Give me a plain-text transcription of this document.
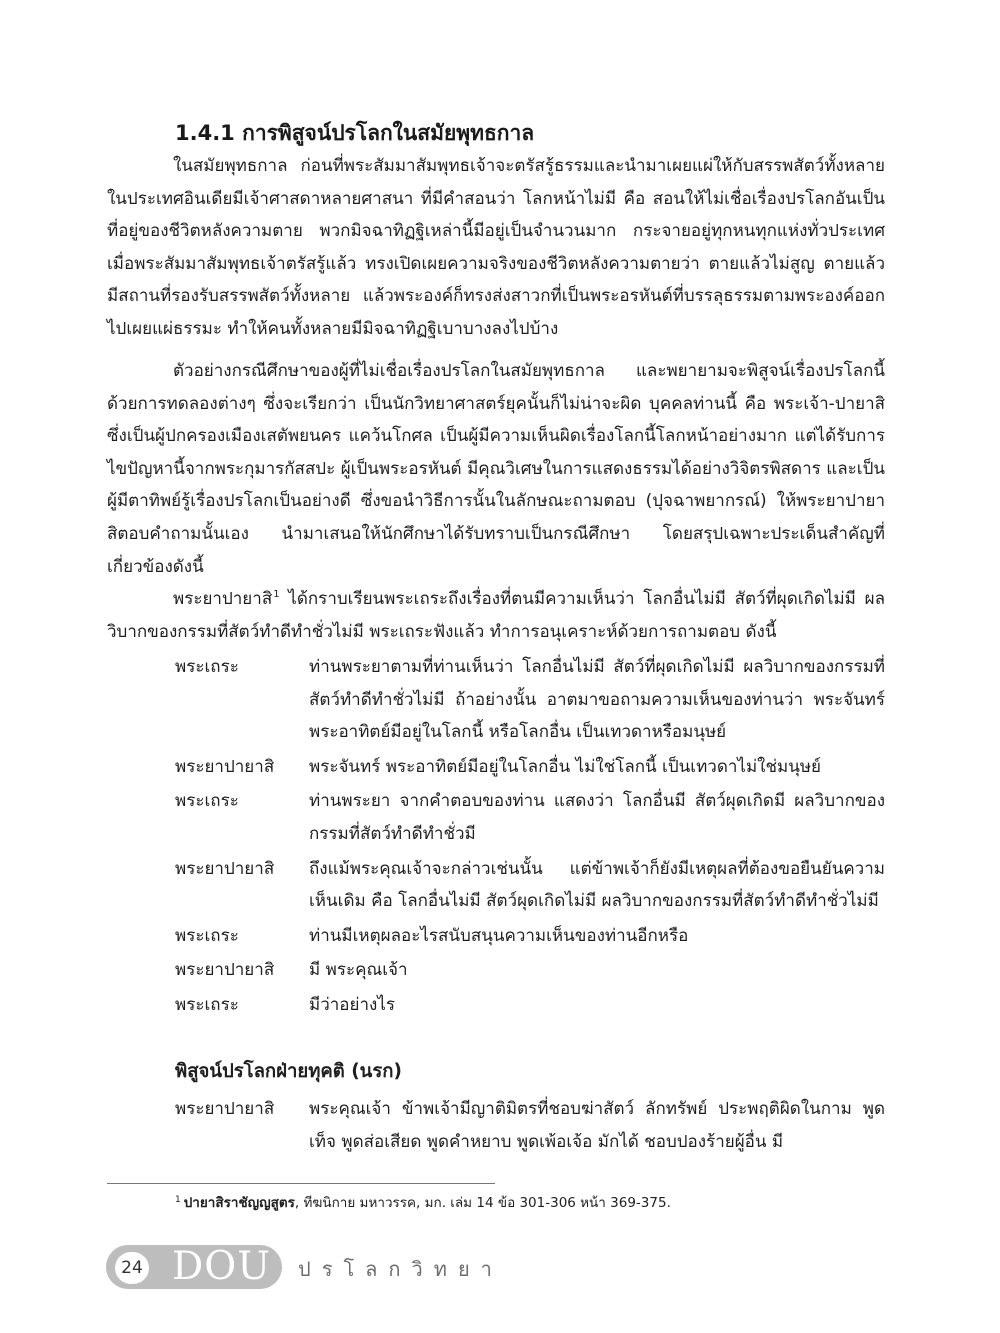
1.4.1 การพิสูจน์ปรโลกในสมัยพุทธกาล
ในสมัยพุทธกาล ก่อนที่พระสัมมาสัมพุทธเจ้าจะตรัสรู้ธรรมและนำมาเผยแผ่ให้กับสรรพสัตว์ทั้งหลาย ในประเทศอินเดียมีเจ้าศาสดาหลายศาสนา ที่มีคำสอนว่า โลกหน้าไม่มี คือ สอนให้ไม่เชื่อเรื่องปรโลกอันเป็นที่อยู่ของชีวิตหลังความตาย พวกมิจฉาทิฏฐิเหล่านี้มีอยู่เป็นจำนวนมาก กระจายอยู่ทุกหนทุกแห่งทั่วประเทศ เมื่อพระสัมมาสัมพุทธเจ้าตรัสรู้แล้ว ทรงเปิดเผยความจริงของชีวิตหลังความตายว่า ตายแล้วไม่สูญ ตายแล้วมีสถานที่รองรับสรรพสัตว์ทั้งหลาย แล้วพระองค์ก็ทรงส่งสาวกที่เป็นพระอรหันต์ที่บรรลุธรรมตามพระองค์ออกไปเผยแผ่ธรรมะ ทำให้คนทั้งหลายมีมิจฉาทิฏฐิเบาบางลงไปบ้าง
ตัวอย่างกรณีศึกษาของผู้ที่ไม่เชื่อเรื่องปรโลกในสมัยพุทธกาล และพยายามจะพิสูจน์เรื่องปรโลกนี้ด้วยการทดลองต่างๆ ซึ่งจะเรียกว่า เป็นนักวิทยาศาสตร์ยุคนั้นก็ไม่น่าจะผิด บุคคลท่านนี้ คือ พระเจ้า-ปายาสิ ซึ่งเป็นผู้ปกครองเมืองเสตัพยนคร แคว้นโกศล เป็นผู้มีความเห็นผิดเรื่องโลกนี้โลกหน้าอย่างมาก แต่ได้รับการไขปัญหานี้จากพระกุมารกัสสปะ ผู้เป็นพระอรหันต์ มีคุณวิเศษในการแสดงธรรมได้อย่างวิจิตรพิสดาร และเป็นผู้มีตาทิพย์รู้เรื่องปรโลกเป็นอย่างดี ซึ่งขอนำวิธีการนั้นในลักษณะถามตอบ (ปุจฉาพยากรณ์) ให้พระยาปายาสิตอบคำถามนั้นเอง นำมาเสนอให้นักศึกษาได้รับทราบเป็นกรณีศึกษา โดยสรุปเฉพาะประเด็นสำคัญที่เกี่ยวข้องดังนี้
พระยาปายาสิ$^1$ ได้กราบเรียนพระเถระถึงเรื่องที่ตนมีความเห็นว่า โลกอื่นไม่มี สัตว์ที่ผุดเกิดไม่มี ผลวิบากของกรรมที่สัตว์ทำดีทำชั่วไม่มี พระเถระฟังแล้ว ทำการอนุเคราะห์ด้วยการถามตอบ ดังนี้
พระเถระ	ท่านพระยาตามที่ท่านเห็นว่า โลกอื่นไม่มี สัตว์ที่ผุดเกิดไม่มี ผลวิบากของกรรมที่สัตว์ทำดีทำชั่วไม่มี ถ้าอย่างนั้น อาตมาขอถามความเห็นของท่านว่า พระจันทร์ พระอาทิตย์มีอยู่ในโลกนี้ หรือโลกอื่น เป็นเทวดาหรือมนุษย์
พระยาปายาสิ	พระจันทร์ พระอาทิตย์มีอยู่ในโลกอื่น ไม่ใช่โลกนี้ เป็นเทวดาไม่ใช่มนุษย์
พระเถระ	ท่านพระยา จากคำตอบของท่าน แสดงว่า โลกอื่นมี สัตว์ผุดเกิดมี ผลวิบากของกรรมที่สัตว์ทำดีทำชั่วมี
พระยาปายาสิ	ถึงแม้พระคุณเจ้าจะกล่าวเช่นนั้น แต่ข้าพเจ้าก็ยังมีเหตุผลที่ต้องขอยืนยันความเห็นเดิม คือ โลกอื่นไม่มี สัตว์ผุดเกิดไม่มี ผลวิบากของกรรมที่สัตว์ทำดีทำชั่วไม่มี
พระเถระ	ท่านมีเหตุผลอะไรสนับสนุนความเห็นของท่านอีกหรือ
พระยาปายาสิ	มี พระคุณเจ้า
พระเถระ	มีว่าอย่างไร
พิสูจน์ปรโลกฝ่ายทุคติ (นรก)
พระยาปายาสิ	พระคุณเจ้า ข้าพเจ้ามีญาติมิตรที่ชอบฆ่าสัตว์ ลักทรัพย์ ประพฤติผิดในกาม พูดเท็จ พูดส่อเสียด พูดคำหยาบ พูดเพ้อเจ้อ มักได้ ชอบปองร้ายผู้อื่น มี
$^1$ ปายาสิราชัญญสูตร, ทีฆนิกาย มหาวรรค, มก. เล่ม 14 ข้อ 301-306 หน้า 369-375.
24 DOU ปรโลกวิทยา
